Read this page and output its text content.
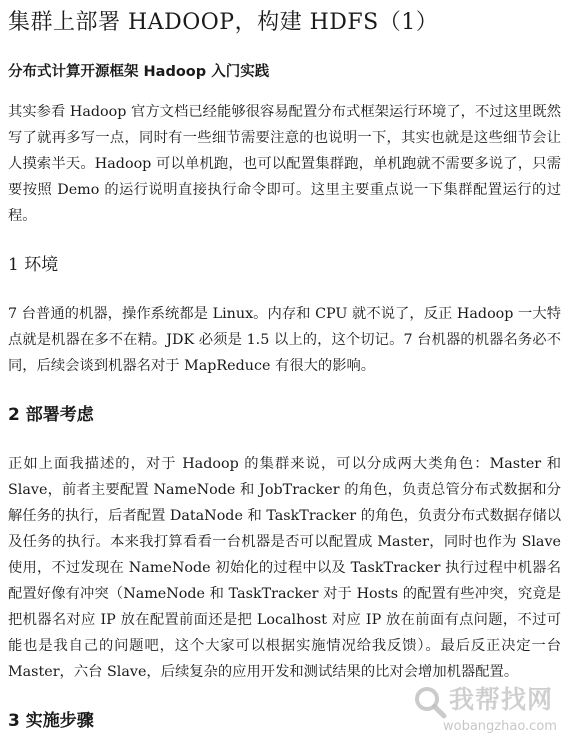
集群上部署 HADOOP，构建 HDFS（1）
分布式计算开源框架 Hadoop 入门实践

其实参看 Hadoop 官方文档已经能够很容易配置分布式框架运行环境了，不过这里既然写了就再多写一点，同时有一些细节需要注意的也说明一下，其实也就是这些细节会让人摸索半天。Hadoop 可以单机跑，也可以配置集群跑，单机跑就不需要多说了，只需要按照 Demo 的运行说明直接执行命令即可。这里主要重点说一下集群配置运行的过程。

1 环境

7 台普通的机器，操作系统都是 Linux。内存和 CPU 就不说了，反正 Hadoop 一大特点就是机器在多不在精。JDK 必须是 1.5 以上的，这个切记。7 台机器的机器名务必不同，后续会谈到机器名对于 MapReduce 有很大的影响。

2 部署考虑

正如上面我描述的，对于 Hadoop 的集群来说，可以分成两大类角色：Master 和 Slave，前者主要配置 NameNode 和 JobTracker 的角色，负责总管分布式数据和分解任务的执行，后者配置 DataNode 和 TaskTracker 的角色，负责分布式数据存储以及任务的执行。本来我打算看看一台机器是否可以配置成 Master，同时也作为 Slave 使用，不过发现在 NameNode 初始化的过程中以及 TaskTracker 执行过程中机器名配置好像有冲突（NameNode 和 TaskTracker 对于 Hosts 的配置有些冲突，究竟是把机器名对应 IP 放在配置前面还是把 Localhost 对应 IP 放在前面有点问题，不过可能也是我自己的问题吧，这个大家可以根据实施情况给我反馈）。最后反正决定一台 Master，六台 Slave，后续复杂的应用开发和测试结果的比对会增加机器配置。

3 实施步骤
我帮找网
wobangzhao.com
